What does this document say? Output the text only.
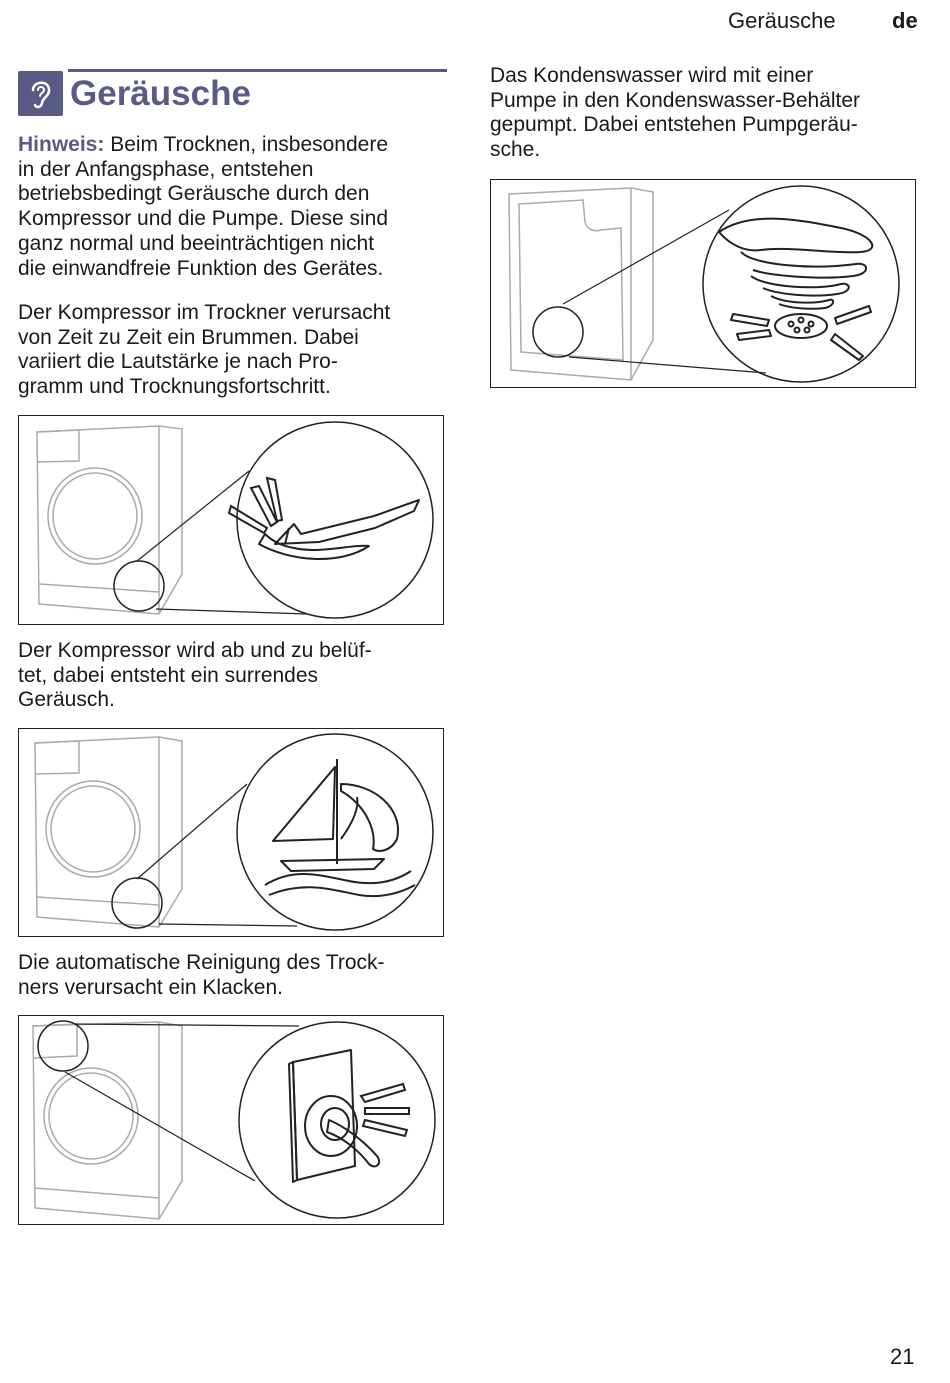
Geräusche	de
Geräusche

Hinweis: Beim Trocknen, insbesondere
in der Anfangsphase, entstehen
betriebsbedingt Geräusche durch den
Kompressor und die Pumpe. Diese sind
ganz normal und beeinträchtigen nicht
die einwandfreie Funktion des Gerätes.

Der Kompressor im Trockner verursacht
von Zeit zu Zeit ein Brummen. Dabei
variiert die Lautstärke je nach Pro-
gramm und Trocknungsfortschritt.

Der Kompressor wird ab und zu belüf-
tet, dabei entsteht ein surrendes
Geräusch.

Die automatische Reinigung des Trock-
ners verursacht ein Klacken.

Das Kondenswasser wird mit einer
Pumpe in den Kondenswasser-Behälter
gepumpt. Dabei entstehen Pumpgeräu-
sche.

21
